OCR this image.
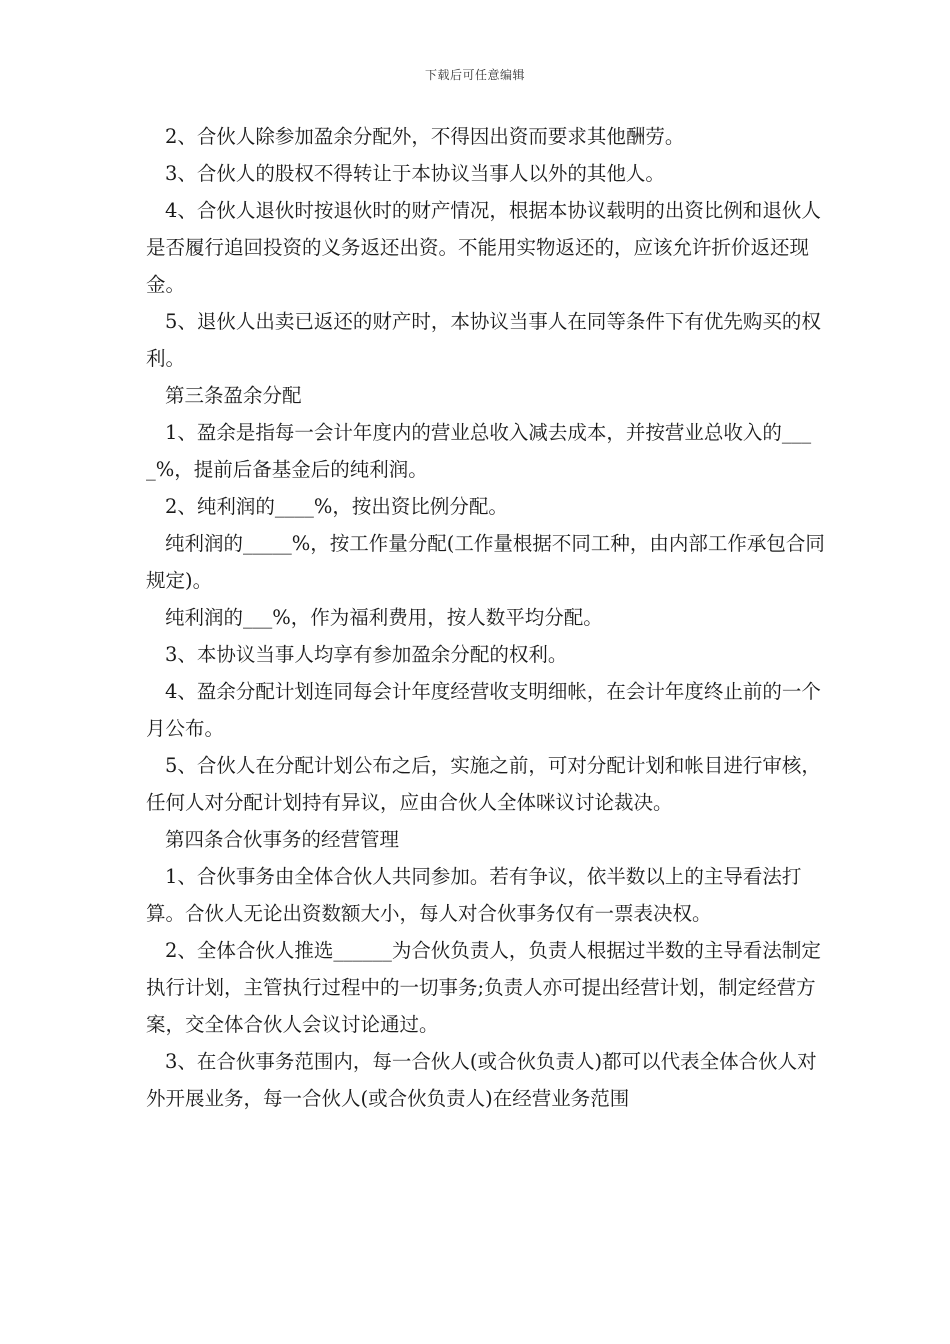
下载后可任意编辑

2、合伙人除参加盈余分配外，不得因出资而要求其他酬劳。

3、合伙人的股权不得转让于本协议当事人以外的其他人。

4、合伙人退伙时按退伙时的财产情况，根据本协议载明的出资比例和退伙人是否履行追回投资的义务返还出资。不能用实物返还的，应该允许折价返还现金。

5、退伙人出卖已返还的财产时，本协议当事人在同等条件下有优先购买的权利。

第三条盈余分配

1、盈余是指每一会计年度内的营业总收入减去成本，并按营业总收入的____%，提前后备基金后的纯利润。

2、纯利润的____%，按出资比例分配。

纯利润的_____%，按工作量分配(工作量根据不同工种，由内部工作承包合同规定)。

纯利润的___%，作为福利费用，按人数平均分配。

3、本协议当事人均享有参加盈余分配的权利。

4、盈余分配计划连同每会计年度经营收支明细帐，在会计年度终止前的一个月公布。

5、合伙人在分配计划公布之后，实施之前，可对分配计划和帐目进行审核，任何人对分配计划持有异议，应由合伙人全体咪议讨论裁决。

第四条合伙事务的经营管理

1、合伙事务由全体合伙人共同参加。若有争议，依半数以上的主导看法打算。合伙人无论出资数额大小，每人对合伙事务仅有一票表决权。

2、全体合伙人推选______为合伙负责人，负责人根据过半数的主导看法制定执行计划，主管执行过程中的一切事务;负责人亦可提出经营计划，制定经营方案，交全体合伙人会议讨论通过。

3、在合伙事务范围内，每一合伙人(或合伙负责人)都可以代表全体合伙人对外开展业务，每一合伙人(或合伙负责人)在经营业务范围
